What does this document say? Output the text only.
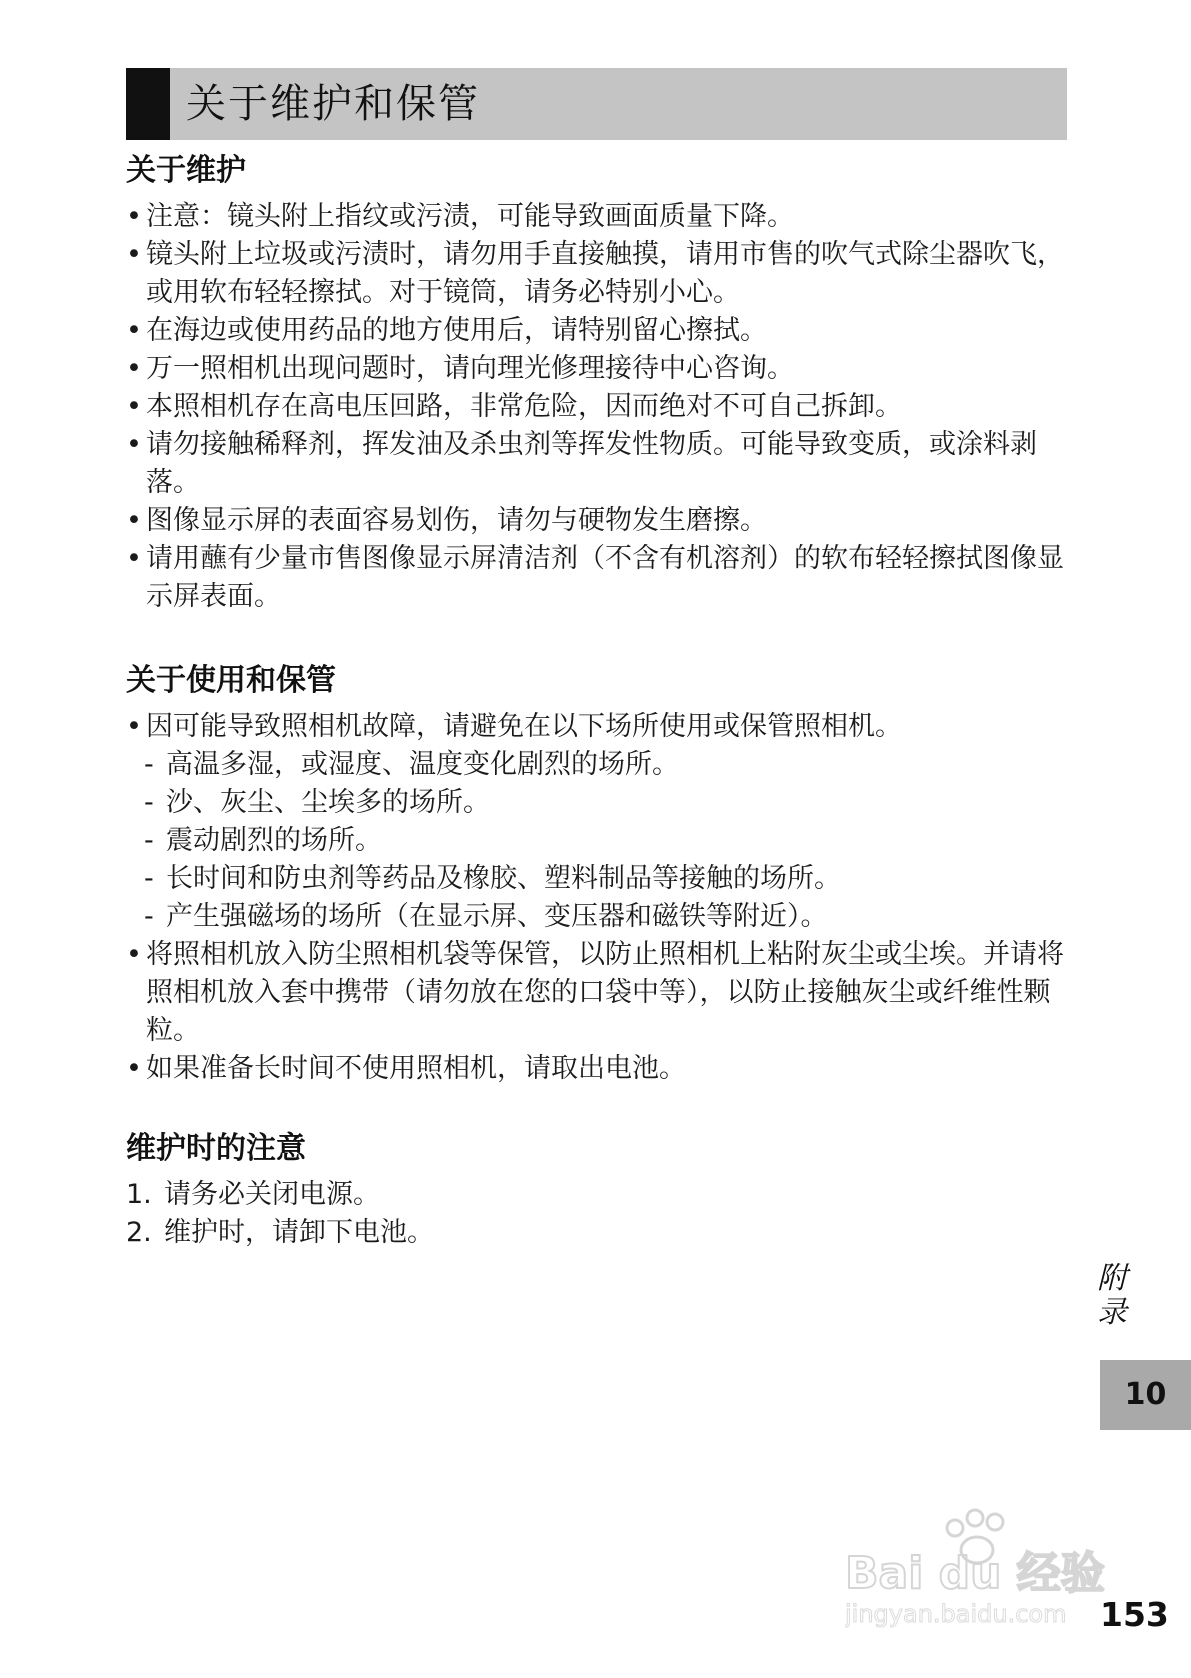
关于维护和保管
关于维护
• 注意：镜头附上指纹或污渍，可能导致画面质量下降。
• 镜头附上垃圾或污渍时，请勿用手直接触摸，请用市售的吹气式除尘器吹飞，或用软布轻轻擦拭。对于镜筒，请务必特别小心。
• 在海边或使用药品的地方使用后，请特别留心擦拭。
• 万一照相机出现问题时，请向理光修理接待中心咨询。
• 本照相机存在高电压回路，非常危险，因而绝对不可自己拆卸。
• 请勿接触稀释剂，挥发油及杀虫剂等挥发性物质。可能导致变质，或涂料剥落。
• 图像显示屏的表面容易划伤，请勿与硬物发生磨擦。
• 请用蘸有少量市售图像显示屏清洁剂（不含有机溶剂）的软布轻轻擦拭图像显示屏表面。
关于使用和保管
• 因可能导致照相机故障，请避免在以下场所使用或保管照相机。
- 高温多湿，或湿度、温度变化剧烈的场所。
- 沙、灰尘、尘埃多的场所。
- 震动剧烈的场所。
- 长时间和防虫剂等药品及橡胶、塑料制品等接触的场所。
- 产生强磁场的场所（在显示屏、变压器和磁铁等附近）。
• 将照相机放入防尘照相机袋等保管，以防止照相机上粘附灰尘或尘埃。并请将照相机放入套中携带（请勿放在您的口袋中等），以防止接触灰尘或纤维性颗粒。
• 如果准备长时间不使用照相机，请取出电池。
维护时的注意
1. 请务必关闭电源。
2. 维护时，请卸下电池。
附录
10
Bai du 经验
jingyan.baidu.com 153
